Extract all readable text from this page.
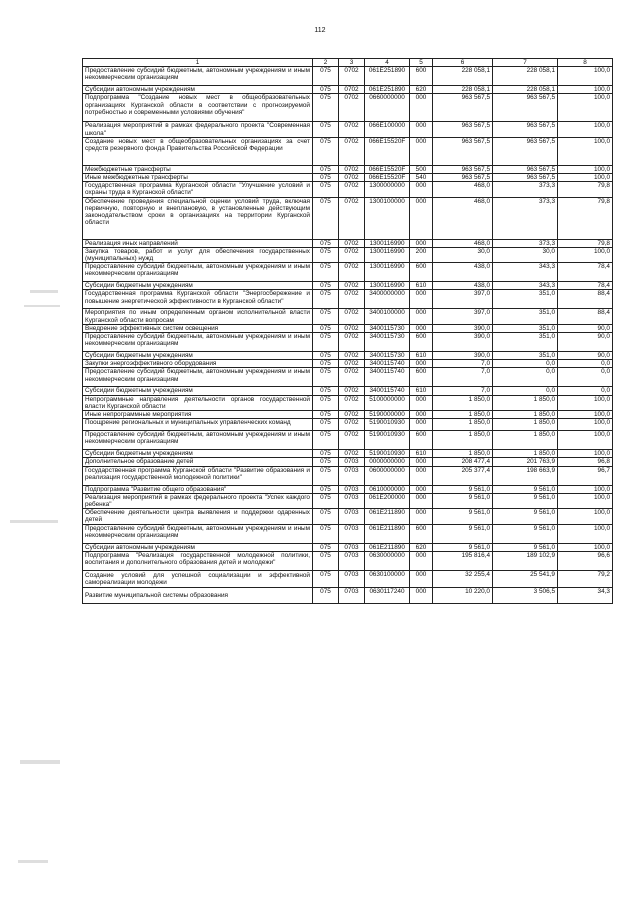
112
1	2	3	4	5	6	7	8
Предоставление субсидий бюджетным, автономным учреждениям и иным некоммерческим организациям	075	0702	061E251890	600	228 058,1	228 058,1	100,0
Субсидии автономным учреждениям	075	0702	061E251890	620	228 058,1	228 058,1	100,0
Подпрограмма "Создание новых мест в общеобразовательных организациях Курганской области в соответствии с прогнозируемой потребностью и современными условиями обучения"	075	0702	0660000000	000	963 567,5	963 567,5	100,0
Реализация мероприятий в рамках федерального проекта "Современная школа"	075	0702	066E100000	000	963 567,5	963 567,5	100,0
Создание новых мест в общеобразовательных организациях за счет средств резервного фонда Правительства Российской Федерации	075	0702	066E15520F	000	963 567,5	963 567,5	100,0
Межбюджетные трансферты	075	0702	066E15520F	500	963 567,5	963 567,5	100,0
Иные межбюджетные трансферты	075	0702	066E15520F	540	963 567,5	963 567,5	100,0
Государственная программа Курганской области "Улучшение условий и охраны труда в Курганской области"	075	0702	1300000000	000	468,0	373,3	79,8
Обеспечение проведения специальной оценки условий труда, включая первичную, повторную и внеплановую, в установленные действующим законодательством сроки в организациях на территории Курганской области	075	0702	1300100000	000	468,0	373,3	79,8
Реализация иных направлений	075	0702	1300116990	000	468,0	373,3	79,8
Закупка товаров, работ и услуг для обеспечения государственных (муниципальных) нужд	075	0702	1300116990	200	30,0	30,0	100,0
Предоставление субсидий бюджетным, автономным учреждениям и иным некоммерческим организациям	075	0702	1300116990	600	438,0	343,3	78,4
Субсидии бюджетным учреждениям	075	0702	1300116990	610	438,0	343,3	78,4
Государственная программа Курганской области "Энергосбережение и повышение энергетической эффективности в Курганской области"	075	0702	3400000000	000	397,0	351,0	88,4
Мероприятия по иным определенным органом исполнительной власти Курганской области вопросам	075	0702	3400100000	000	397,0	351,0	88,4
Внедрение эффективных систем освещения	075	0702	3400115730	000	390,0	351,0	90,0
Предоставление субсидий бюджетным, автономным учреждениям и иным некоммерческим организациям	075	0702	3400115730	600	390,0	351,0	90,0
Субсидии бюджетным учреждениям	075	0702	3400115730	610	390,0	351,0	90,0
Закупки энергоэффективного оборудования	075	0702	3400115740	000	7,0	0,0	0,0
Предоставление субсидий бюджетным, автономным учреждениям и иным некоммерческим организациям	075	0702	3400115740	600	7,0	0,0	0,0
Субсидии бюджетным учреждениям	075	0702	3400115740	610	7,0	0,0	0,0
Непрограммные направления деятельности органов государственной власти Курганской области	075	0702	5100000000	000	1 850,0	1 850,0	100,0
Иные непрограммные мероприятия	075	0702	5190000000	000	1 850,0	1 850,0	100,0
Поощрение региональных и муниципальных управленческих команд	075	0702	5190010930	000	1 850,0	1 850,0	100,0
Предоставление субсидий бюджетным, автономным учреждениям и иным некоммерческим организациям	075	0702	5190010930	600	1 850,0	1 850,0	100,0
Субсидии бюджетным учреждениям	075	0702	5190010930	610	1 850,0	1 850,0	100,0
Дополнительное образование детей	075	0703	0000000000	000	208 477,4	201 763,9	96,8
Государственная программа Курганской области "Развитие образования и реализация государственной молодежной политики"	075	0703	0600000000	000	205 377,4	198 663,9	96,7
Подпрограмма "Развитие общего образования"	075	0703	0610000000	000	9 561,0	9 561,0	100,0
Реализация мероприятий в рамках федерального проекта "Успех каждого ребенка"	075	0703	061E200000	000	9 561,0	9 561,0	100,0
Обеспечение деятельности центра выявления и поддержки одаренных детей	075	0703	061E211890	000	9 561,0	9 561,0	100,0
Предоставление субсидий бюджетным, автономным учреждениям и иным некоммерческим организациям	075	0703	061E211890	600	9 561,0	9 561,0	100,0
Субсидии автономным учреждениям	075	0703	061E211890	620	9 561,0	9 561,0	100,0
Подпрограмма "Реализация государственной молодежной политики, воспитания и дополнительного образования детей и молодежи"	075	0703	0630000000	000	195 816,4	189 102,9	96,6
Создание условий для успешной социализации и эффективной самореализации молодежи	075	0703	0630100000	000	32 255,4	25 541,9	79,2
Развитие муниципальной системы образования	075	0703	0630117240	000	10 220,0	3 506,5	34,3
